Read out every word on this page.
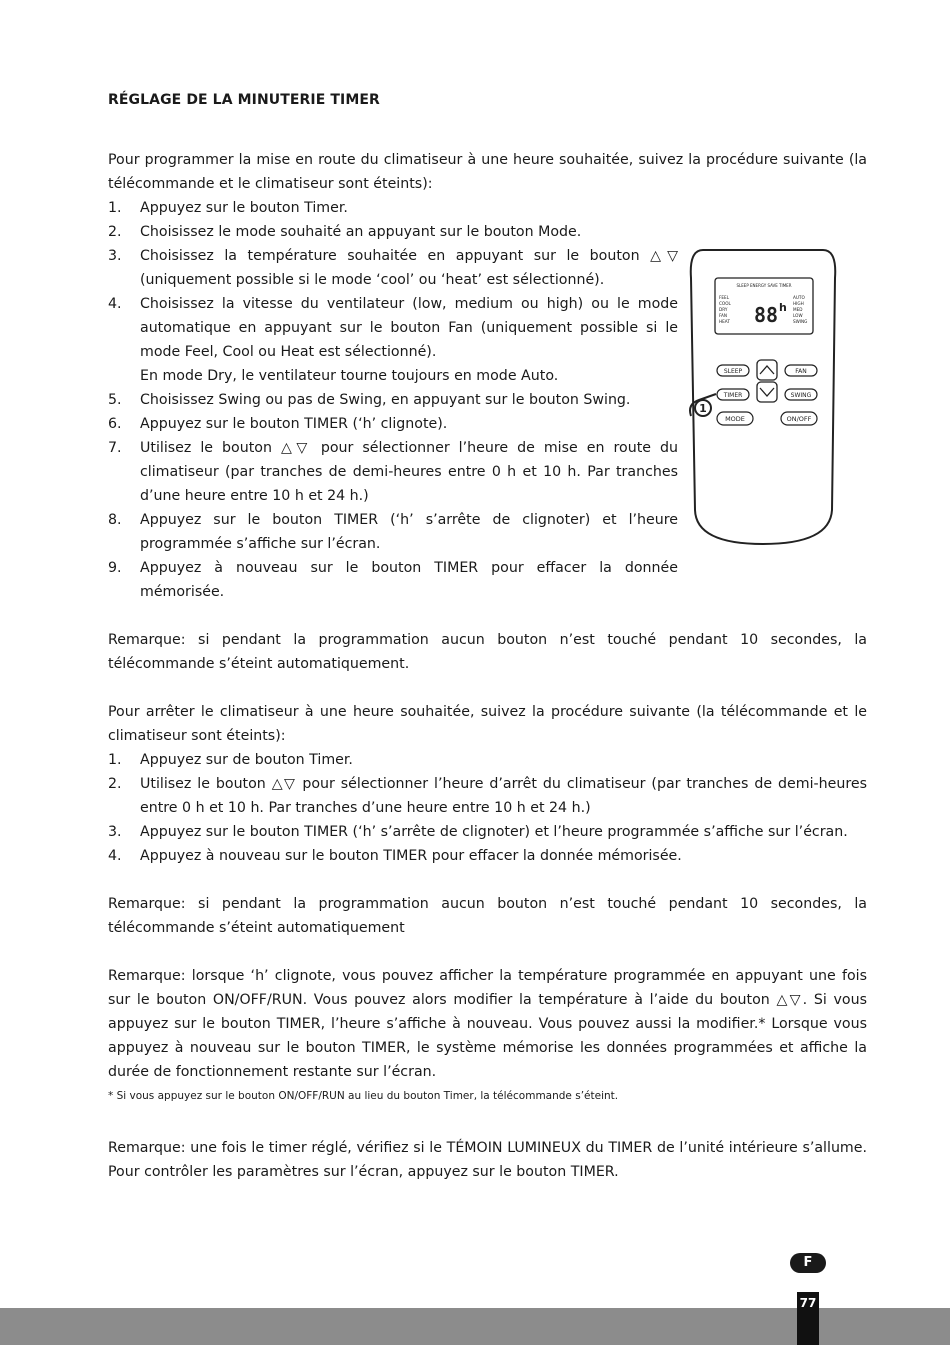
RÉGLAGE DE LA MINUTERIE TIMER

Pour programmer la mise en route du climatiseur à une heure souhaitée, suivez la procédure suivante (la télécommande et le climatiseur sont éteints):

1. Appuyez sur le bouton Timer.
2. Choisissez le mode souhaité an appuyant sur le bouton Mode.
3. Choisissez la température souhaitée en appuyant sur le bouton △▽ (uniquement possible si le mode ‘cool’ ou ‘heat’ est sélectionné).
4. Choisissez la vitesse du ventilateur (low, medium ou high) ou le mode automatique en appuyant sur le bouton Fan (uniquement possible si le mode Feel, Cool ou Heat est sélectionné).
En mode Dry, le ventilateur tourne toujours en mode Auto.
5. Choisissez Swing ou pas de Swing, en appuyant sur le bouton Swing.
6. Appuyez sur le bouton TIMER (‘h’ clignote).
7. Utilisez le bouton △▽ pour sélectionner l’heure de mise en route du climatiseur (par tranches de demi-heures entre 0 h et 10 h. Par tranches d’une heure entre 10 h et 24 h.)
8. Appuyez sur le bouton TIMER (‘h’ s’arrête de clignoter) et l’heure programmée s’affiche sur l’écran.
9. Appuyez à nouveau sur le bouton TIMER pour effacer la donnée mémorisée.

Remarque: si pendant la programmation aucun bouton n’est touché pendant 10 secondes, la télécommande s’éteint automatiquement.

Pour arrêter le climatiseur à une heure souhaitée, suivez la procédure suivante (la télécommande et le climatiseur sont éteints):

1. Appuyez sur de bouton Timer.
2. Utilisez le bouton △▽ pour sélectionner l’heure d’arrêt du climatiseur (par tranches de demi-heures entre 0 h et 10 h. Par tranches d’une heure entre 10 h et 24 h.)
3. Appuyez sur le bouton TIMER (‘h’ s’arrête de clignoter) et l’heure programmée s’affiche sur l’écran.
4. Appuyez à nouveau sur le bouton TIMER pour effacer la donnée mémorisée.

Remarque: si pendant la programmation aucun bouton n’est touché pendant 10 secondes, la télécommande s’éteint automatiquement

Remarque: lorsque ‘h’ clignote, vous pouvez afficher la température programmée en appuyant une fois sur le bouton ON/OFF/RUN. Vous pouvez alors modifier la température à l’aide du bouton △▽. Si vous appuyez sur le bouton TIMER, l’heure s’affiche à nouveau. Vous pouvez aussi la modifier.* Lorsque vous appuyez à nouveau sur le bouton TIMER, le système mémorise les données programmées et affiche la durée de fonctionnement restante sur l’écran.

* Si vous appuyez sur le bouton ON/OFF/RUN au lieu du bouton Timer, la télécommande s’éteint.

Remarque: une fois le timer réglé, vérifiez si le TÉMOIN LUMINEUX du TIMER de l’unité intérieure s’allume. Pour contrôler les paramètres sur l’écran, appuyez sur le bouton TIMER.

SLEEP ENERGY SAVE TIMER
FEEL
COOL
DRY
FAN
HEAT
AUTO
HIGH
MED
LOW
SWING
88 h
SLEEP	FAN
TIMER	SWING
MODE	ON/OFF
1
F
77
